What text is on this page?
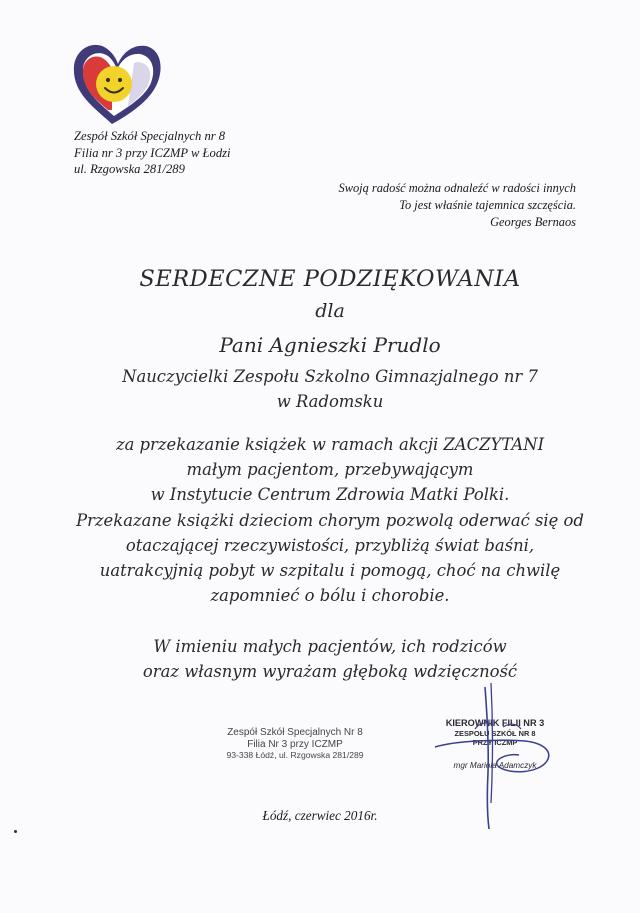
Zespół Szkół Specjalnych nr 8
Filia nr 3 przy ICZMP w Łodzi
ul. Rzgowska 281/289
Swoją radość można odnaleźć w radości innych
To jest właśnie tajemnica szczęścia.
Georges Bernaos
SERDECZNE PODZIĘKOWANIA
dla
Pani Agnieszki Prudlo
Nauczycielki Zespołu Szkolno Gimnazjalnego nr 7
w Radomsku
za przekazanie książek w ramach akcji ZACZYTANI
małym pacjentom, przebywającym
w Instytucie Centrum Zdrowia Matki Polki.
Przekazane książki dzieciom chorym pozwolą oderwać się od
otaczającej rzeczywistości, przybliżą świat baśni,
uatrakcyjnią pobyt w szpitalu i pomogą, choć na chwilę
zapomnieć o bólu i chorobie.
W imieniu małych pacjentów, ich rodziców
oraz własnym wyrażam głęboką wdzięczność
Zespół Szkół Specjalnych Nr 8
Filia Nr 3 przy ICZMP
93-338 Łódź, ul. Rzgowska 281/289
KIEROWNIK FILII NR 3
ZESPOŁU SZKÓŁ NR 8
PRZY ICZMP
mgr Mariola Adamczyk
Łódź, czerwiec 2016r.
